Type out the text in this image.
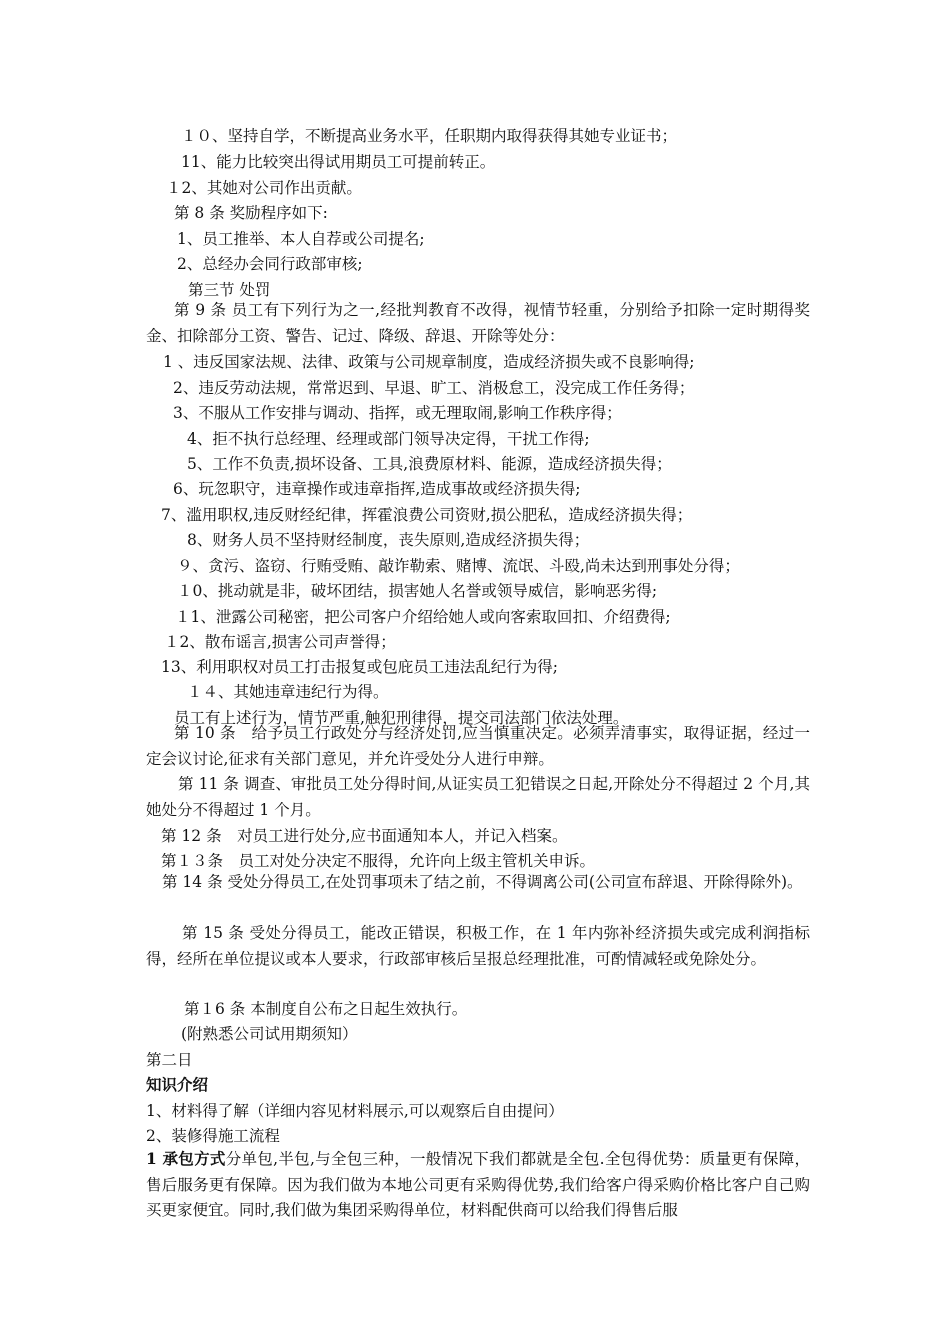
１０、坚持自学，不断提高业务水平，任职期内取得获得其她专业证书；
11、能力比较突出得试用期员工可提前转正。
１2、其她对公司作出贡献。
第 8 条 奖励程序如下:
1、员工推举、本人自荐或公司提名;
2、总经办会同行政部审核;
第三节 处罚
第 9 条 员工有下列行为之一,经批判教育不改得，视情节轻重，分别给予扣除一定时期得奖金、扣除部分工资、警告、记过、降级、辞退、开除等处分：
1 、违反国家法规、法律、政策与公司规章制度，造成经济损失或不良影响得;
2、违反劳动法规，常常迟到、早退、旷工、消极怠工，没完成工作任务得；
3、不服从工作安排与调动、指挥，或无理取闹,影响工作秩序得；
4、拒不执行总经理、经理或部门领导决定得，干扰工作得;
5、工作不负责,损坏设备、工具,浪费原材料、能源，造成经济损失得；
6、玩忽职守，违章操作或违章指挥,造成事故或经济损失得;
7、滥用职权,违反财经纪律，挥霍浪费公司资财,损公肥私，造成经济损失得；
8、财务人员不坚持财经制度，丧失原则,造成经济损失得；
９、贪污、盗窃、行贿受贿、敲诈勒索、赌博、流氓、斗殴,尚未达到刑事处分得；
１0、挑动就是非，破坏团结，损害她人名誉或领导威信，影响恶劣得;
１1、泄露公司秘密，把公司客户介绍给她人或向客索取回扣、介绍费得;
１2、散布谣言,损害公司声誉得；
13、利用职权对员工打击报复或包庇员工违法乱纪行为得;
１４、其她违章违纪行为得。
员工有上述行为，情节严重,触犯刑律得，提交司法部门依法处理。
第 10 条　给予员工行政处分与经济处罚,应当慎重决定。必须弄清事实，取得证据，经过一定会议讨论,征求有关部门意见，并允许受处分人进行申辩。
第 11 条 调查、审批员工处分得时间,从证实员工犯错误之日起,开除处分不得超过 2 个月,其她处分不得超过 1 个月。
第 12 条　对员工进行处分,应书面通知本人，并记入档案。
第１３条　员工对处分决定不服得，允许向上级主管机关申诉。
第 14 条 受处分得员工,在处罚事项未了结之前，不得调离公司(公司宣布辞退、开除得除外)。
第 15 条 受处分得员工，能改正错误，积极工作，在 1 年内弥补经济损失或完成利润指标得，经所在单位提议或本人要求，行政部审核后呈报总经理批准，可酌情减轻或免除处分。
第１6 条 本制度自公布之日起生效执行。
(附熟悉公司试用期须知）
第二日
知识介绍
1、材料得了解（详细内容见材料展示,可以观察后自由提问）
2、装修得施工流程
1 承包方式分单包,半包,与全包三种，一般情况下我们都就是全包.全包得优势：质量更有保障，售后服务更有保障。因为我们做为本地公司更有采购得优势,我们给客户得采购价格比客户自己购买更家便宜。同时,我们做为集团采购得单位，材料配供商可以给我们得售后服
